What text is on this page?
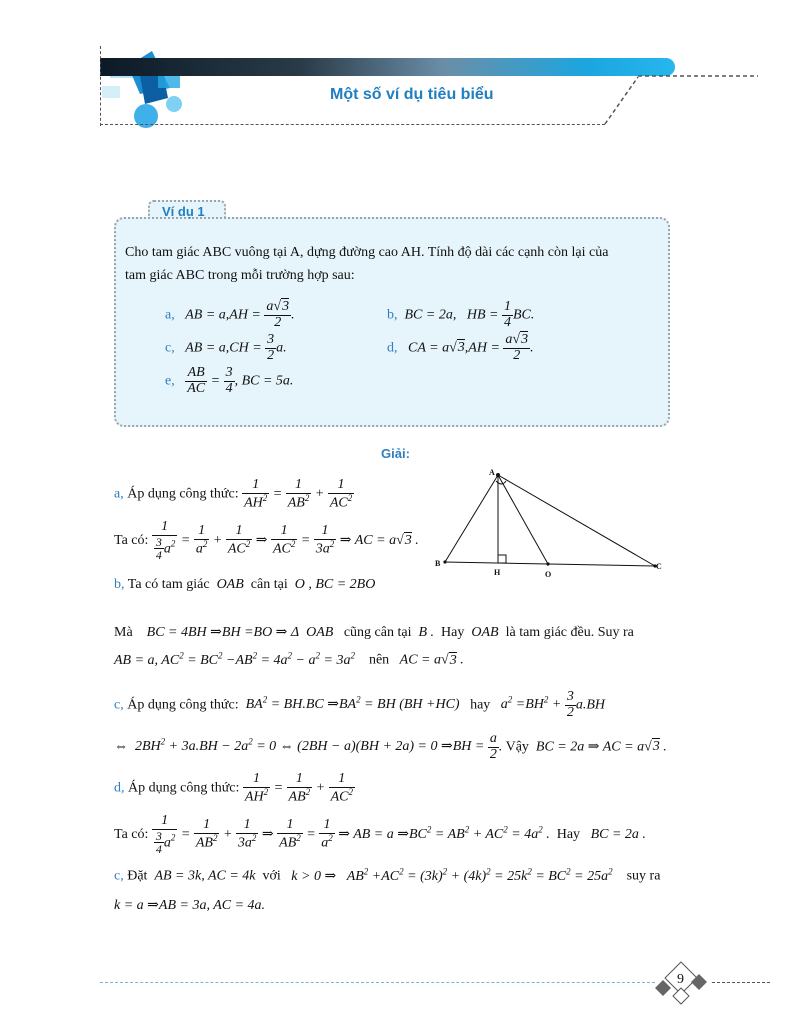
Một số ví dụ tiêu biểu
Ví dụ 1
Cho tam giác ABC vuông tại A, dựng đường cao AH. Tính độ dài các cạnh còn lại của
tam giác ABC trong mỗi trường hợp sau:
a,   AB = $a,AH = \frac{a√3}{2}$ .	b,  BC = 2a,   HB = $\frac{1}{4}$ BC.
c,   AB = $a,CH = \frac{3}{2} a$.	d,   CA = $a√3,AH = \frac{a√3}{2}$ .
e, $\frac{AB}{AC} = \frac{3}{4}$ , BC = 5a.
Giải:
a, Áp dụng công thức: $\frac{1}{AH^2} = \frac{1}{AB^2} + \frac{1}{AC^2}$
Ta có: $\frac{1}{\frac{3}{4} a^2} = \frac{1}{a^2} + \frac{1}{AC^2}$ ⇒ $\frac{1}{AC^2} = \frac{1}{3a^2}$ ⇒ AC = a√3 .
b, Ta có tam giác  OAB  cân tại  O , BC = 2BO
Mà    BC = 4BH ⇒BH =BO ⇒ Δ  OAB   cũng cân tại  B .  Hay  OAB  là tam giác đều. Suy ra
AB = a, $AC^2 = BC^2 -AB^2 = 4a^2 - a^2 = 3a^2$ nên   AC = a√3 .
c, Áp dụng công thức:  $BA^2 = BH.BC$ $\Rightarrow BA^2$ = BH (BH +HC)   hay   $a^2 =BH^2 + \frac{3}{2} a.BH$
⇔  $2BH^2 + 3a.BH - 2a^2 = 0$ ⇔ (2BH − a)(BH + 2a) = 0 ⇒BH = $\frac{a}{2}$ . Vậy  BC = 2a ⇒ AC = a√3 .
d, Áp dụng công thức: $\frac{1}{AH^2} = \frac{1}{AB^2} + \frac{1}{AC^2}$
Ta có: $\frac{1}{\frac{3}{4} a^2} = \frac{1}{AB^2} + \frac{1}{3a^2}$ ⇒ $\frac{1}{AB^2} = \frac{1}{a^2}$ ⇒ AB = a $\Rightarrow BC^2 = AB^2 + AC^2 = 4a^2$ .  Hay   BC = 2a .
c, Đặt  AB = 3k, AC = 4k  với   k > 0 ⇒   $AB^2 +AC^2 = (3k)^2 + (4k)^2 = 25k^2 = BC^2 = 25a^2$ suy ra
k = a ⇒AB = 3a, AC = 4a.
A
B
H	O
C
9
